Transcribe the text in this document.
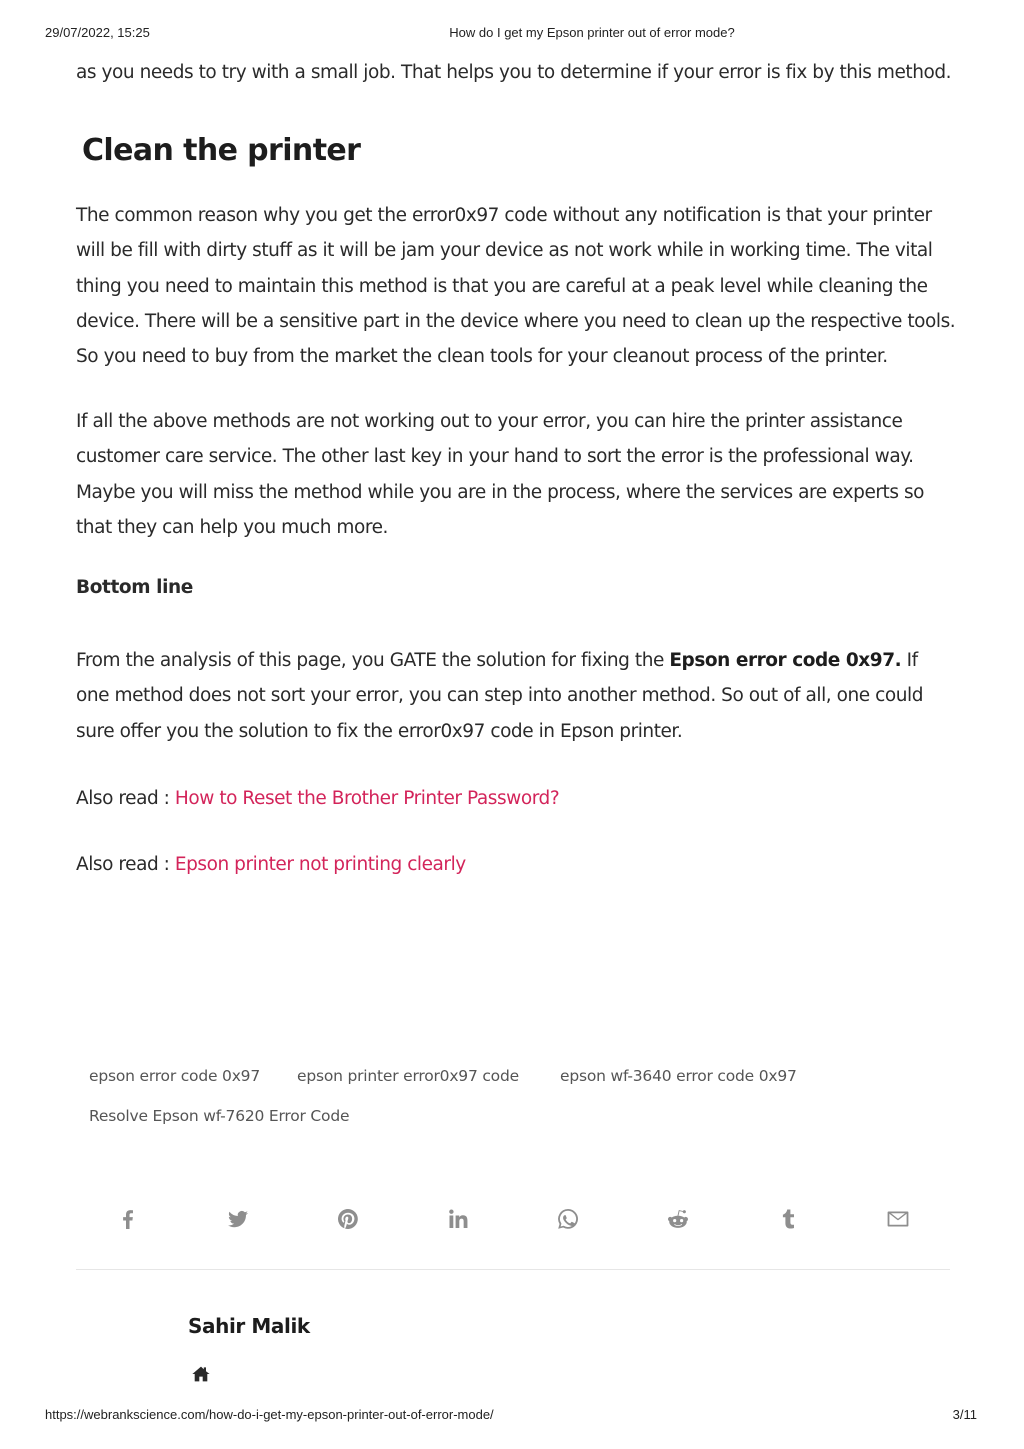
29/07/2022, 15:25	How do I get my Epson printer out of error mode?
as you needs to try with a small job. That helps you to determine if your error is fix by this method.
Clean the printer
The common reason why you get the error0x97 code without any notification is that your printer will be fill with dirty stuff as it will be jam your device as not work while in working time. The vital thing you need to maintain this method is that you are careful at a peak level while cleaning the device. There will be a sensitive part in the device where you need to clean up the respective tools. So you need to buy from the market the clean tools for your cleanout process of the printer.
If all the above methods are not working out to your error, you can hire the printer assistance customer care service. The other last key in your hand to sort the error is the professional way. Maybe you will miss the method while you are in the process, where the services are experts so that they can help you much more.
Bottom line
From the analysis of this page, you GATE the solution for fixing the Epson error code 0x97. If one method does not sort your error, you can step into another method. So out of all, one could sure offer you the solution to fix the error0x97 code in Epson printer.
Also read : How to Reset the Brother Printer Password?
Also read : Epson printer not printing clearly
epson error code 0x97 epson printer error0x97 code	epson wf-3640 error code 0x97
Resolve Epson wf-7620 Error Code
Sahir Malik
https://webrankscience.com/how-do-i-get-my-epson-printer-out-of-error-mode/	3/11
